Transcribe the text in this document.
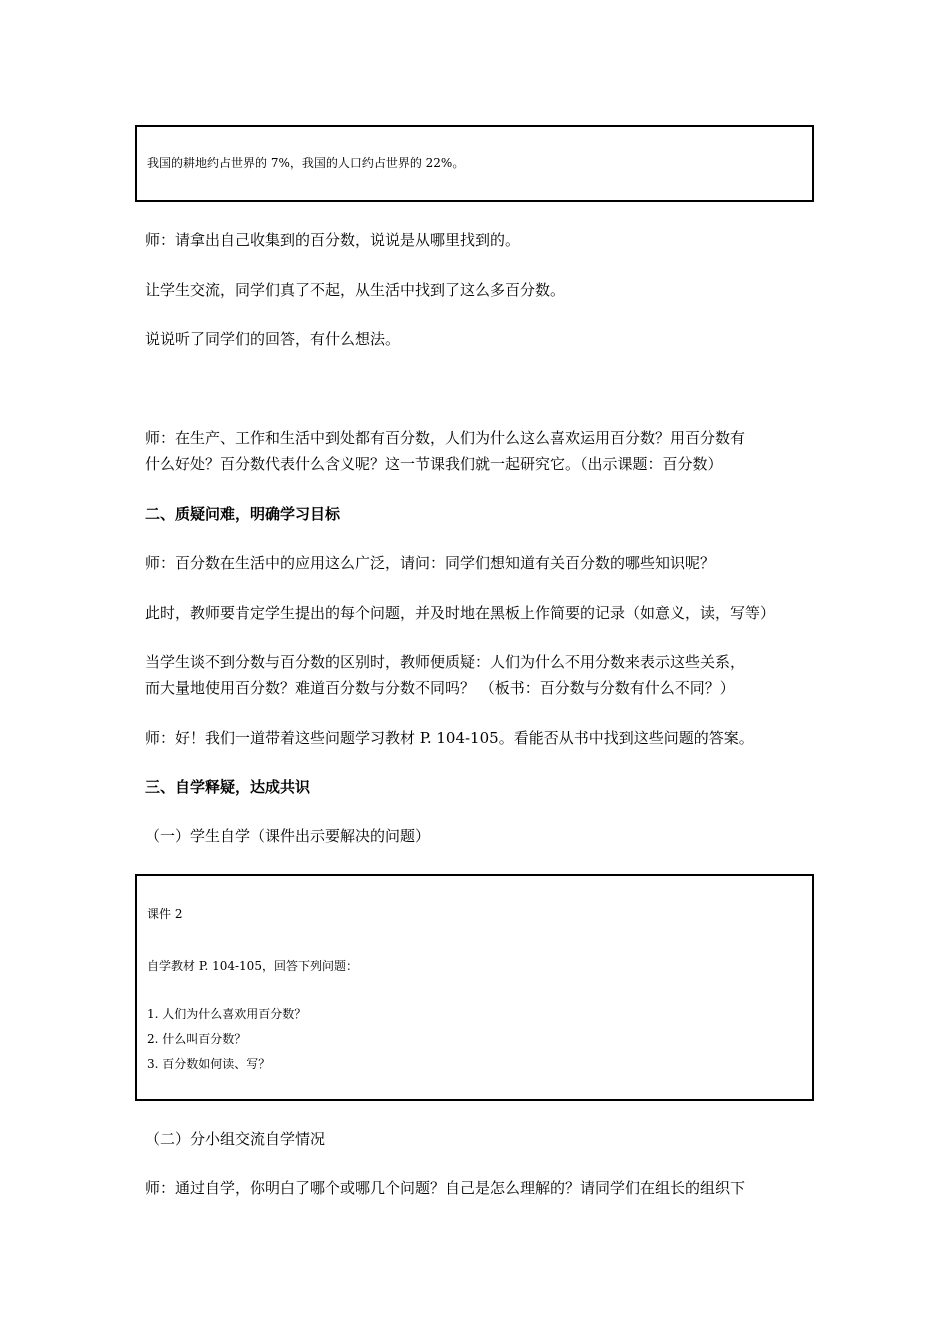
我国的耕地约占世界的 7%，我国的人口约占世界的 22%。
师：请拿出自己收集到的百分数，说说是从哪里找到的。
让学生交流，同学们真了不起，从生活中找到了这么多百分数。
说说听了同学们的回答，有什么想法。
师：在生产、工作和生活中到处都有百分数，人们为什么这么喜欢运用百分数？用百分数有
什么好处？百分数代表什么含义呢？这一节课我们就一起研究它。（出示课题：百分数）
二、质疑问难，明确学习目标
师：百分数在生活中的应用这么广泛，请问：同学们想知道有关百分数的哪些知识呢？
此时，教师要肯定学生提出的每个问题，并及时地在黑板上作简要的记录（如意义，读，写等）
当学生谈不到分数与百分数的区别时，教师便质疑：人们为什么不用分数来表示这些关系，
而大量地使用百分数？难道百分数与分数不同吗？ （板书：百分数与分数有什么不同？）
师：好！我们一道带着这些问题学习教材 P. 104-105。看能否从书中找到这些问题的答案。
三、自学释疑，达成共识
（一）学生自学（课件出示要解决的问题）
课件 2
自学教材 P. 104-105，回答下列问题：
1. 人们为什么喜欢用百分数？
2. 什么叫百分数？
3. 百分数如何读、写？
（二）分小组交流自学情况
师：通过自学，你明白了哪个或哪几个问题？自己是怎么理解的？请同学们在组长的组织下
